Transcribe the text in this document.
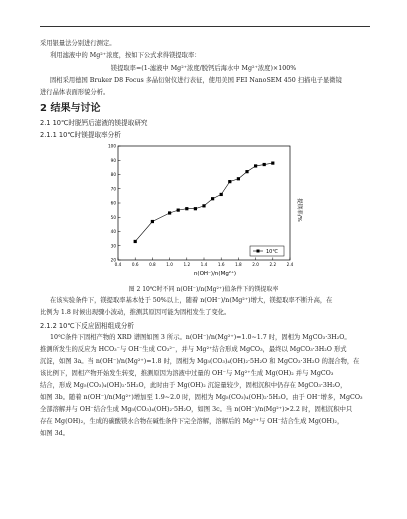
采用银量法分别进行测定。
利用滤液中的 Mg²⁺浓度，按如下公式求得镁提取率：
镁提取率=(1-滤液中 Mg²⁺浓度/脱钙后海水中 Mg²⁺浓度)×100%
固相采用德国 Bruker D8 Focus 多晶衍射仪进行表征，使用美国 FEI NanoSEM 450 扫描电子显微镜
进行晶体表面形貌分析。
2 结果与讨论
2.1 10℃时脱钙后滤液的镁提取研究
2.1.1 10℃时镁提取率分析
0.4	0.6	0.8	1.0	1.2	1.4	1.6	1.8	2.0	2.2	2.4
20
30
40
50
60
70
80
90
100
n(OH⁻)/n(Mg²⁺)
提镁率/%
10℃
图 2 10℃时不同 n(OH⁻)/n(Mg²⁺)值条件下的镁提取率
在该实验条件下，镁提取率基本处于 50%以上，随着 n(OH⁻)/n(Mg²⁺)增大，镁提取率不断升高，在
比例为 1.8 时候出现骤小波动，推测其原因可能为固相发生了变化。
2.1.2 10℃下反应固相组成分析
10℃条件下固相产物的 XRD 谱图如图 3 所示。n(OH⁻)/n(Mg²⁺)=1.0~1.7 时，固相为 MgCO₃·3H₂O。
推测所发生的反应为 HCO₃⁻与 OH⁻生成 CO₃²⁻，并与 Mg²⁺结合形成 MgCO₃，最终以 MgCO₃·3H₂O 形式
沉淀，如图 3a。当 n(OH⁻)/n(Mg²⁺)=1.8 时，固相为 Mg₅(CO₃)₄(OH)₂·5H₂O 和 MgCO₃·3H₂O 的混合物，在
该比例下，固相产物开始发生转变，推测原因为溶液中过量的 OH⁻与 Mg²⁺生成 Mg(OH)₂ 并与 MgCO₃
结合，形成 Mg₅(CO₃)₄(OH)₂·5H₂O，此时由于 Mg(OH)₂ 沉淀量较少，固相沉积中仍存在 MgCO₃·3H₂O，
如图 3b。随着 n(OH⁻)/n(Mg²⁺)增加至 1.9~2.0 时，固相为 Mg₅(CO₃)₄(OH)₂·5H₂O。由于 OH⁻增多，MgCO₃
全部溶解并与 OH⁻结合生成 Mg₅(CO₃)₄(OH)₂·5H₂O，如图 3c。当 n(OH⁻)/n(Mg²⁺)>2.2 时，固相沉积中只
存在 Mg(OH)₂，生成的碳酸镁水合物在碱性条件下完全溶解，溶解后的 Mg²⁺与 OH⁻结合生成 Mg(OH)₂，
如图 3d。
